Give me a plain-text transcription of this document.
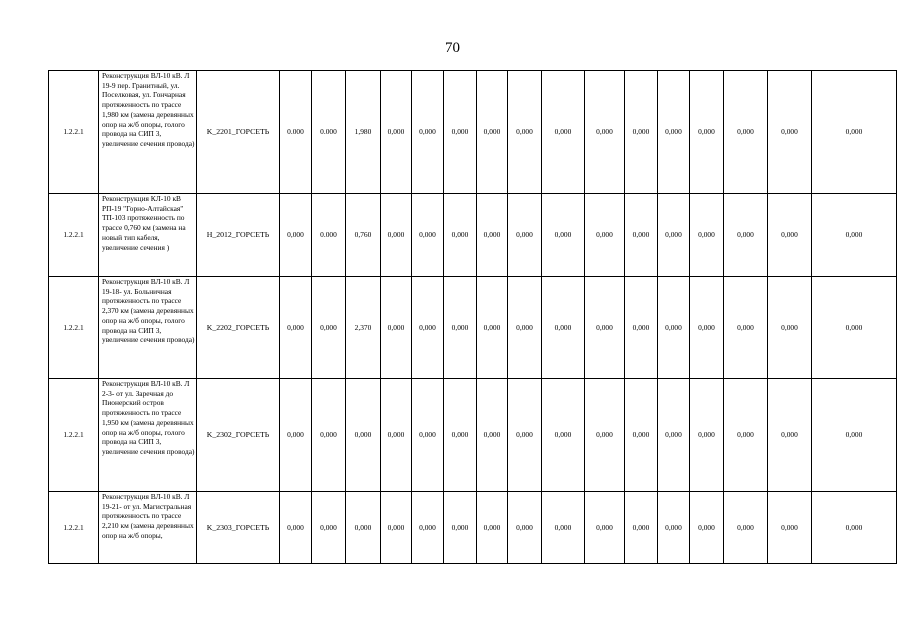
70
1.2.2.1	Реконструкция ВЛ-10 кВ. Л 19-9 пер. Гранитный, ул. Поселковая, ул. Гончарная протяженность по трассе 1,980 км (замена деревянных опор на ж/б опоры, голого провода на СИП 3, увеличение сечения провода)	K_2201_ГОРСЕТЬ	0.000	0.000	1,980	0,000	0,000	0,000	0,000	0,000	0,000	0,000	0,000	0,000	0,000	0,000	0,000	0,000
1.2.2.1	Реконструкция КЛ-10 кВ РП-19 "Горно-Алтайская" ТП-103 протяженность по трассе 0,760 км (замена на новый тип кабеля, увеличение сечения )	H_2012_ГОРСЕТЬ	0,000	0.000	0,760	0,000	0,000	0,000	0,000	0,000	0,000	0,000	0,000	0,000	0,000	0,000	0,000	0,000
1.2.2.1	Реконструкция ВЛ-10 кВ. Л 19-18- ул. Больничная протяженность по трассе 2,370 км (замена деревянных опор на ж/б опоры, голого провода на СИП 3, увеличение сечения провода)	K_2202_ГОРСЕТЬ	0,000	0,000	2,370	0,000	0,000	0,000	0,000	0,000	0,000	0,000	0,000	0,000	0,000	0,000	0,000	0,000
1.2.2.1	Реконструкция ВЛ-10 кВ. Л 2-3- от ул. Заречная до Пионерский остров протяженность по трассе 1,950 км (замена деревянных опор на ж/б опоры, голого провода на СИП 3, увеличение сечения провода)	K_2302_ГОРСЕТЬ	0,000	0,000	0,000	0,000	0,000	0,000	0,000	0,000	0,000	0,000	0,000	0,000	0,000	0,000	0,000	0,000
1.2.2.1	Реконструкция ВЛ-10 кВ. Л 19-21- от ул. Магистральная протяженность по трассе 2,210 км (замена деревянных опор на ж/б опоры,	K_2303_ГОРСЕТЬ	0,000	0,000	0,000	0,000	0,000	0,000	0,000	0,000	0,000	0,000	0,000	0,000	0,000	0,000	0,000	0,000
